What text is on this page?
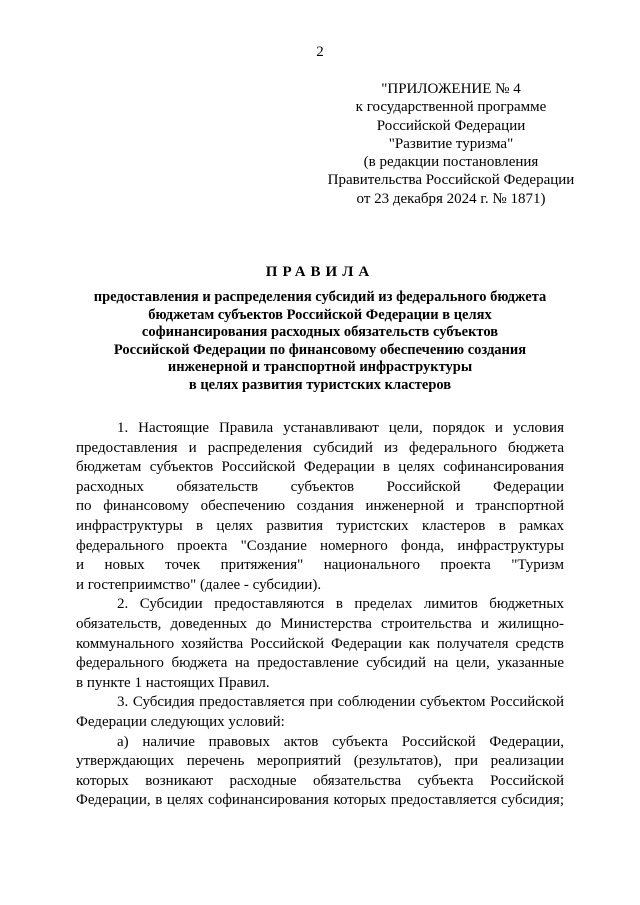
2
"ПРИЛОЖЕНИЕ № 4
к государственной программе
Российской Федерации
"Развитие туризма"
(в редакции постановления
Правительства Российской Федерации
от 23 декабря 2024 г. № 1871)
ПРАВИЛА
предоставления и распределения субсидий из федерального бюджета
бюджетам субъектов Российской Федерации в целях
софинансирования расходных обязательств субъектов
Российской Федерации по финансовому обеспечению создания
инженерной и транспортной инфраструктуры
в целях развития туристских кластеров
1. Настоящие Правила устанавливают цели, порядок и условия
предоставления и распределения субсидий из федерального бюджета
бюджетам субъектов Российской Федерации в целях софинансирования
расходных обязательств субъектов Российской Федерации
по финансовому обеспечению создания инженерной и транспортной
инфраструктуры в целях развития туристских кластеров в рамках
федерального проекта "Создание номерного фонда, инфраструктуры
и новых точек притяжения" национального проекта "Туризм
и гостеприимство" (далее - субсидии).
2. Субсидии предоставляются в пределах лимитов бюджетных
обязательств, доведенных до Министерства строительства и жилищно-
коммунального хозяйства Российской Федерации как получателя средств
федерального бюджета на предоставление субсидий на цели, указанные
в пункте 1 настоящих Правил.
3. Субсидия предоставляется при соблюдении субъектом Российской
Федерации следующих условий:
а) наличие правовых актов субъекта Российской Федерации,
утверждающих перечень мероприятий (результатов), при реализации
которых возникают расходные обязательства субъекта Российской
Федерации, в целях софинансирования которых предоставляется субсидия;
